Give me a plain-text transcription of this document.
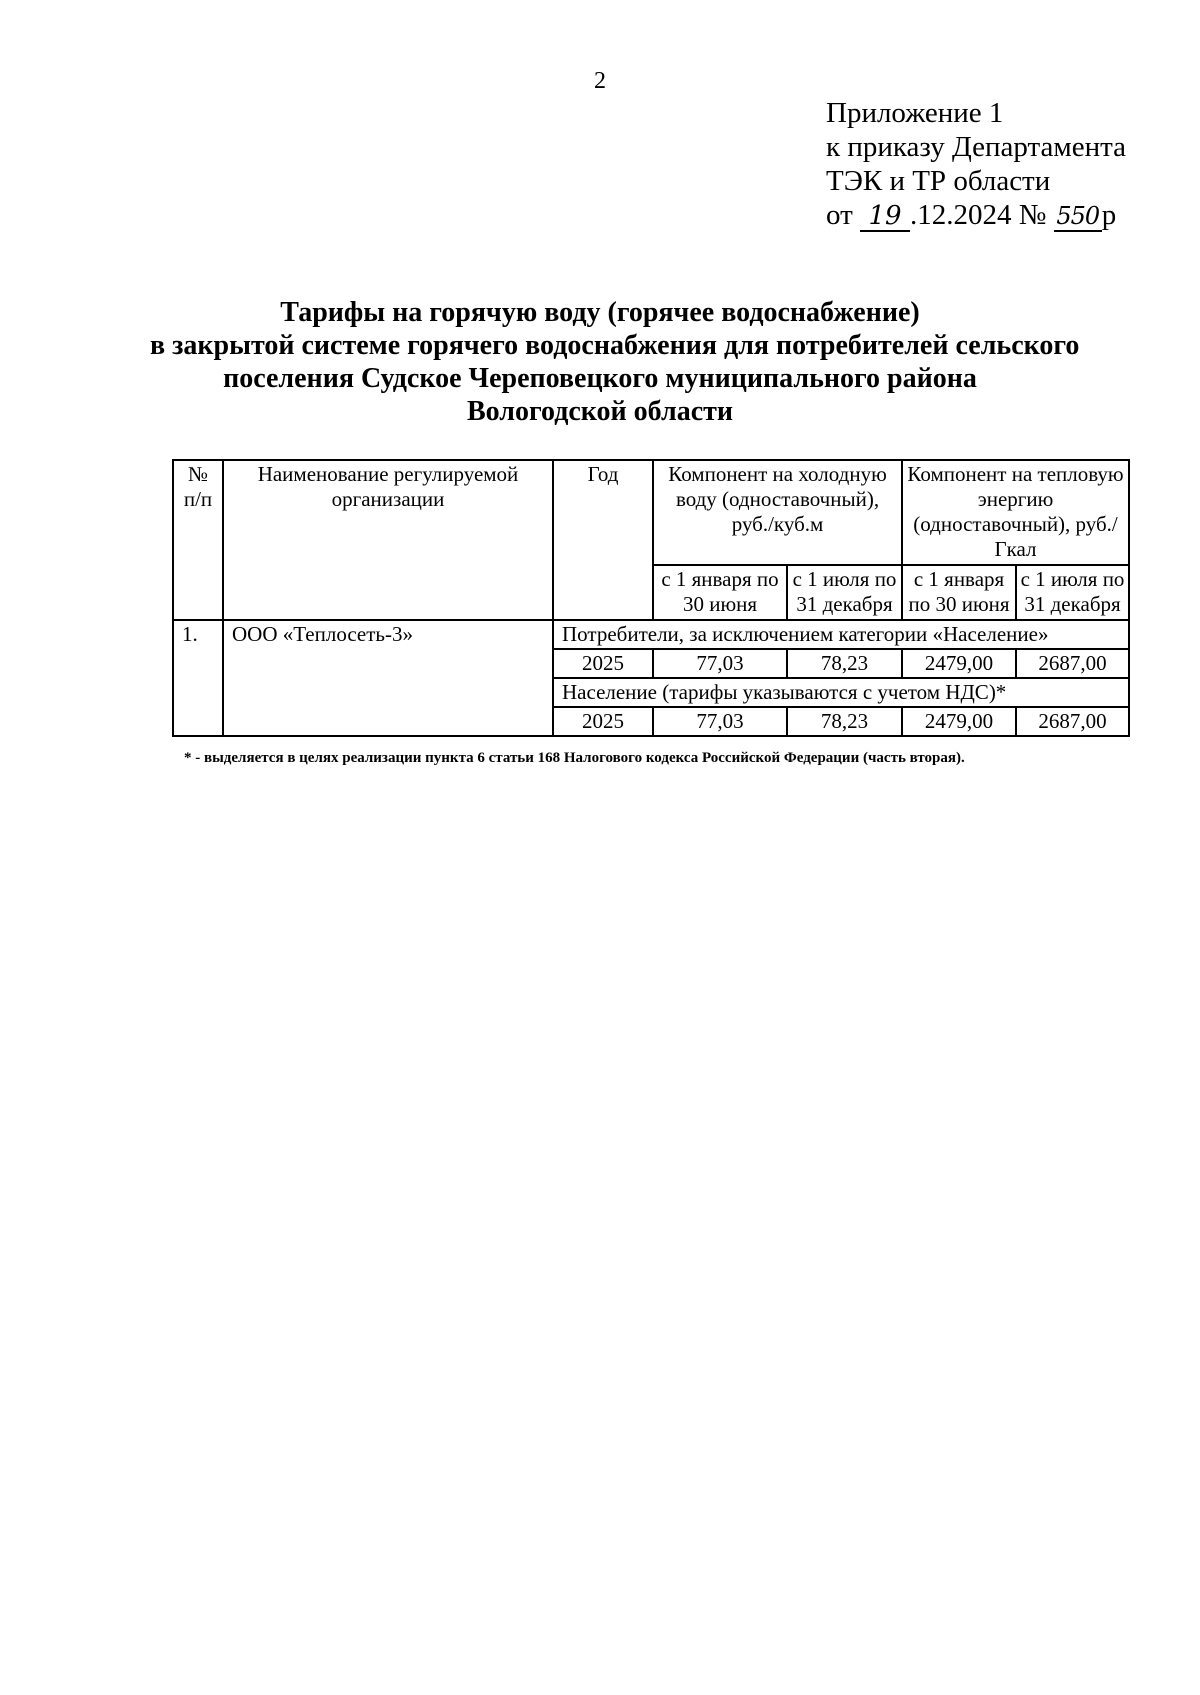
2
Приложение 1
к приказу Департамента
ТЭК и ТР области
от 19 .12.2024 № 550р
Тарифы на горячую воду (горячее водоснабжение)
в закрытой системе горячего водоснабжения для потребителей сельского
поселения Судское Череповецкого муниципального района
Вологодской области
№ п/п	Наименование регулируемой организации	Год	Компонент на холодную воду (одноставочный), руб./куб.м		Компонент на тепловую энергию (одноставочный), руб./Гкал	
			с 1 января по 30 июня	с 1 июля по 31 декабря	с 1 января по 30 июня	с 1 июля по 31 декабря
1.	ООО «Теплосеть-3»	Потребители, за исключением категории «Население»				
		2025	77,03	78,23	2479,00	2687,00
		Население (тарифы указываются с учетом НДС)*				
		2025	77,03	78,23	2479,00	2687,00
* - выделяется в целях реализации пункта 6 статьи 168 Налогового кодекса Российской Федерации (часть вторая).
